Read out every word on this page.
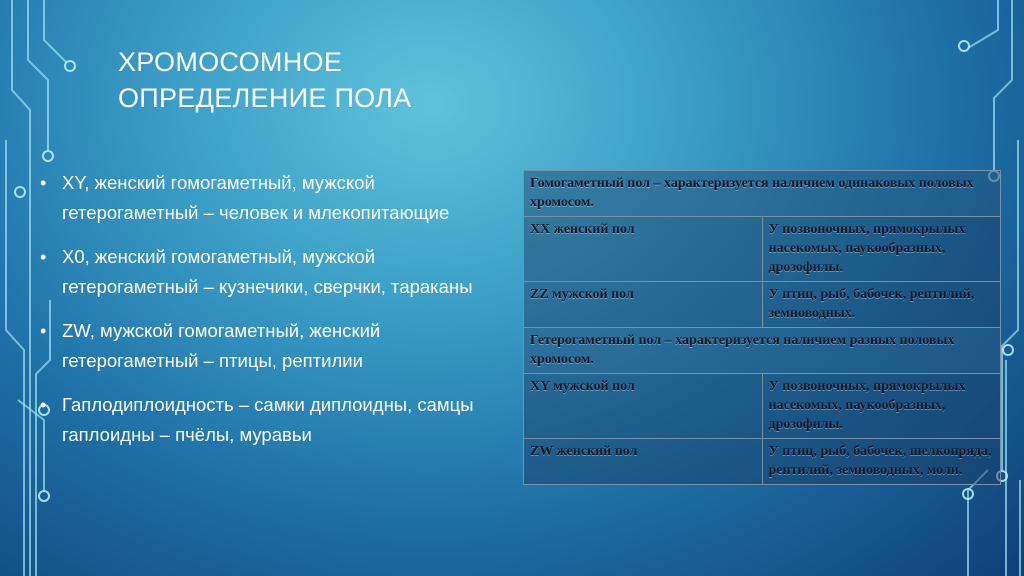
ХРОМОСОМНОЕ
ОПРЕДЕЛЕНИЕ ПОЛА
• XY, женский гомогаметный, мужской гетерогаметный – человек и млекопитающие
• X0, женский гомогаметный, мужской гетерогаметный – кузнечики, сверчки, тараканы
• ZW, мужской гомогаметный, женский гетерогаметный – птицы, рептилии
• Гаплодиплоидность – самки диплоидны, самцы гаплоидны – пчёлы, муравьи
Гомогаметный пол – характеризуется наличием одинаковых половых хромосом.	
XX женский пол	У позвоночных, прямокрылых насекомых, паукообразных, дрозофилы.
ZZ мужской пол	У птиц, рыб, бабочек, рептилий, земноводных.
Гетерогаметный пол – характеризуется наличием разных половых хромосом.	
XY мужской пол	У позвоночных, прямокрылых насекомых, паукообразных, дрозофилы.
ZW женский пол	У птиц, рыб, бабочек, шелкопряда, рептилий, земноводных, моли.
